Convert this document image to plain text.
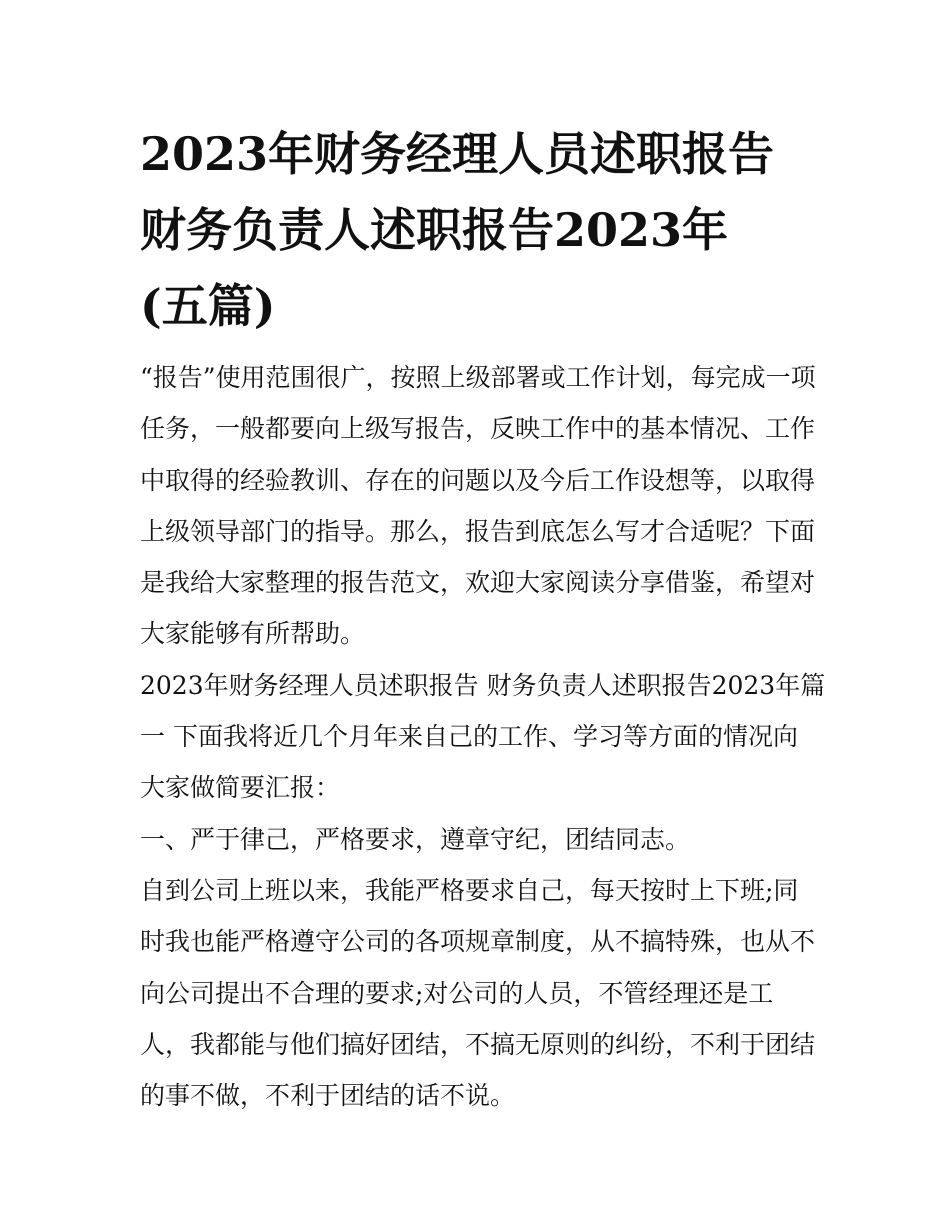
2023年财务经理人员述职报告
财务负责人述职报告2023年
(五篇)
“报告”使用范围很广，按照上级部署或工作计划，每完成一项
任务，一般都要向上级写报告，反映工作中的基本情况、工作
中取得的经验教训、存在的问题以及今后工作设想等，以取得
上级领导部门的指导。那么，报告到底怎么写才合适呢？下面
是我给大家整理的报告范文，欢迎大家阅读分享借鉴，希望对
大家能够有所帮助。
2023年财务经理人员述职报告 财务负责人述职报告2023年篇
一 下面我将近几个月年来自己的工作、学习等方面的情况向
大家做简要汇报：
一、严于律己，严格要求，遵章守纪，团结同志。
自到公司上班以来，我能严格要求自己，每天按时上下班;同
时我也能严格遵守公司的各项规章制度，从不搞特殊，也从不
向公司提出不合理的要求;对公司的人员，不管经理还是工
人，我都能与他们搞好团结，不搞无原则的纠纷，不利于团结
的事不做，不利于团结的话不说。
